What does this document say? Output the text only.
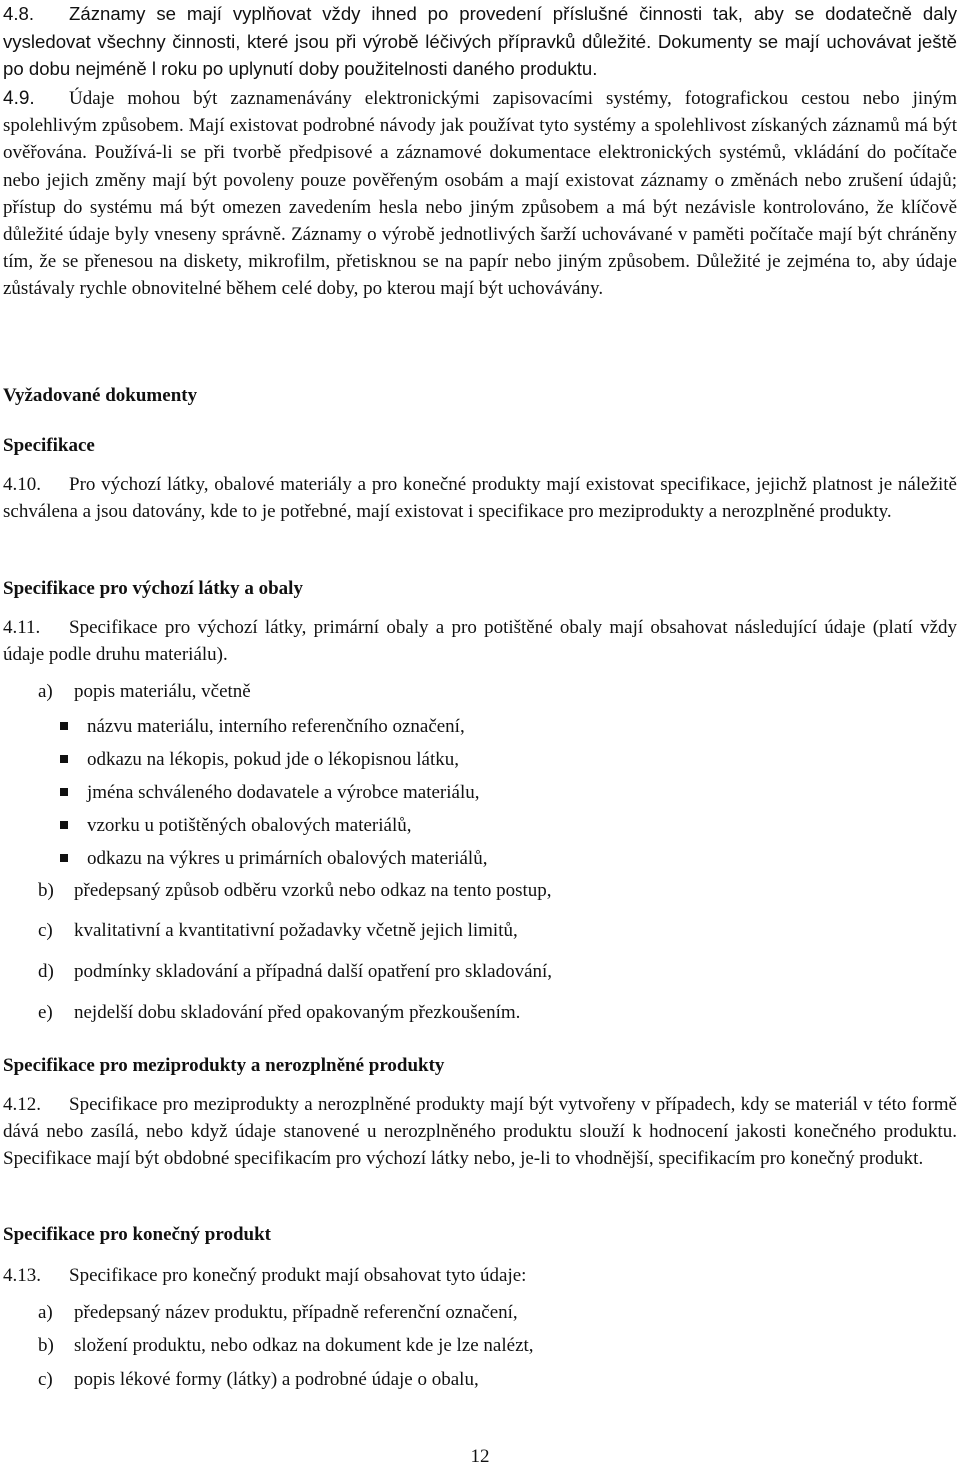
4.8. Záznamy se mají vyplňovat vždy ihned po provedení příslušné činnosti tak, aby se dodatečně daly vysledovat všechny činnosti, které jsou při výrobě léčivých přípravků důležité. Dokumenty se mají uchovávat ještě po dobu nejméně l roku po uplynutí doby použitelnosti daného produktu.

4.9. Údaje mohou být zaznamenávány elektronickými zapisovacími systémy, fotografickou cestou nebo jiným spolehlivým způsobem. Mají existovat podrobné návody jak používat tyto systémy a spolehlivost získaných záznamů má být ověřována. Používá-li se při tvorbě předpisové a záznamové dokumentace elektronických systémů, vkládání do počítače nebo jejich změny mají být povoleny pouze pověřeným osobám a mají existovat záznamy o změnách nebo zrušení údajů; přístup do systému má být omezen zavedením hesla nebo jiným způsobem a má být nezávisle kontrolováno, že klíčově důležité údaje byly vneseny správně. Záznamy o výrobě jednotlivých šarží uchovávané v paměti počítače mají být chráněny tím, že se přenesou na diskety, mikrofilm, přetisknou se na papír nebo jiným způsobem. Důležité je zejména to, aby údaje zůstávaly rychle obnovitelné během celé doby, po kterou mají být uchovávány.

Vyžadované dokumenty
Specifikace

4.10. Pro výchozí látky, obalové materiály a pro konečné produkty mají existovat specifikace, jejichž platnost je náležitě schválena a jsou datovány, kde to je potřebné, mají existovat i specifikace pro meziprodukty a nerozplněné produkty.

Specifikace pro výchozí látky a obaly

4.11. Specifikace pro výchozí látky, primární obaly a pro potištěné obaly mají obsahovat následující údaje (platí vždy údaje podle druhu materiálu).

a) popis materiálu, včetně
názvu materiálu, interního referenčního označení,
odkazu na lékopis, pokud jde o lékopisnou látku,
jména schváleného dodavatele a výrobce materiálu,
vzorku u potištěných obalových materiálů,
odkazu na výkres u primárních obalových materiálů,
b) předepsaný způsob odběru vzorků nebo odkaz na tento postup,
c) kvalitativní a kvantitativní požadavky včetně jejich limitů,
d) podmínky skladování a případná další opatření pro skladování,
e) nejdelší dobu skladování před opakovaným přezkoušením.
Specifikace pro meziprodukty a nerozplněné produkty

4.12. Specifikace pro meziprodukty a nerozplněné produkty mají být vytvořeny v případech, kdy se materiál v této formě dává nebo zasílá, nebo když údaje stanovené u nerozplněného produktu slouží k hodnocení jakosti konečného produktu. Specifikace mají být obdobné specifikacím pro výchozí látky nebo, je-li to vhodnější, specifikacím pro konečný produkt.

Specifikace pro konečný produkt

4.13. Specifikace pro konečný produkt mají obsahovat tyto údaje:

a) předepsaný název produktu, případně referenční označení,
b) složení produktu, nebo odkaz na dokument kde je lze nalézt,
c) popis lékové formy (látky) a podrobné údaje o obalu,
12
